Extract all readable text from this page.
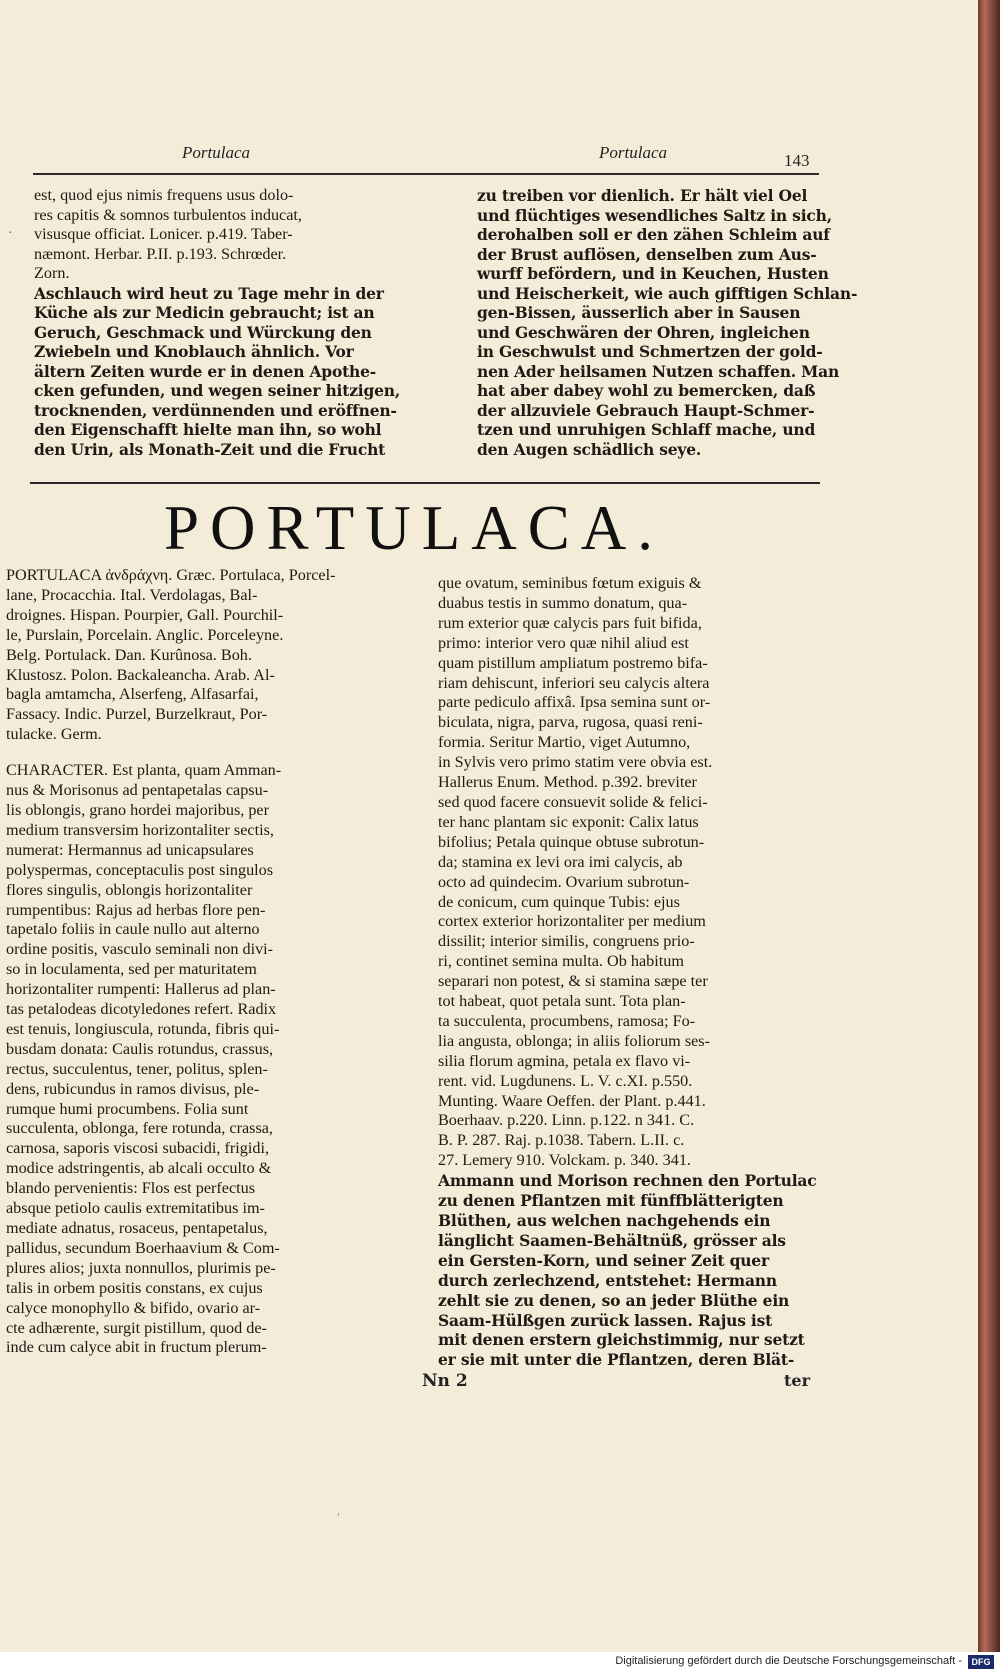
Portulaca	Portulaca	143

est, quod ejus nimis frequens usus dolo-

res capitis & somnos turbulentos inducat,

visusque officiat. Lonicer. p.419. Taber-

næmont. Herbar. P.II. p.193. Schrœder.

Zorn.

Aschlauch wird heut zu Tage mehr in der

Küche als zur Medicin gebraucht; ist an

Geruch, Geschmack und Würckung den

Zwiebeln und Knoblauch ähnlich. Vor

ältern Zeiten wurde er in denen Apothe-

cken gefunden, und wegen seiner hitzigen,

trocknenden, verdünnenden und eröffnen-

den Eigenschafft hielte man ihn, so wohl

den Urin, als Monath-Zeit und die Frucht

zu treiben vor dienlich. Er hält viel Oel

und flüchtiges wesendliches Saltz in sich,

derohalben soll er den zähen Schleim auf

der Brust auflösen, denselben zum Aus-

wurff befördern, und in Keuchen, Husten

und Heischerkeit, wie auch gifftigen Schlan-

gen-Bissen, äusserlich aber in Sausen

und Geschwären der Ohren, ingleichen

in Geschwulst und Schmertzen der gold-

nen Ader heilsamen Nutzen schaffen. Man

hat aber dabey wohl zu bemercken, daß

der allzuviele Gebrauch Haupt-Schmer-

tzen und unruhigen Schlaff mache, und

den Augen schädlich seye.

PORTULACA.

PORTULACA ἀνδράχνη. Græc. Portulaca, Porcel-

lane, Procacchia. Ital. Verdolagas, Bal-

droignes. Hispan. Pourpier, Gall. Pourchil-

le, Purslain, Porcelain. Anglic. Porceleyne.

Belg. Portulack. Dan. Kurûnosa. Boh.

Klustosz. Polon. Backaleancha. Arab. Al-

bagla amtamcha, Alserfeng, Alfasarfai,

Fassacy. Indic. Purzel, Burzelkraut, Por-

tulacke. Germ.

CHARACTER. Est planta, quam Amman-

nus & Morisonus ad pentapetalas capsu-

lis oblongis, grano hordei majoribus, per

medium transversim horizontaliter sectis,

numerat: Hermannus ad unicapsulares

polyspermas, conceptaculis post singulos

flores singulis, oblongis horizontaliter

rumpentibus: Rajus ad herbas flore pen-

tapetalo foliis in caule nullo aut alterno

ordine positis, vasculo seminali non divi-

so in loculamenta, sed per maturitatem

horizontaliter rumpenti: Hallerus ad plan-

tas petalodeas dicotyledones refert. Radix

est tenuis, longiuscula, rotunda, fibris qui-

busdam donata: Caulis rotundus, crassus,

rectus, succulentus, tener, politus, splen-

dens, rubicundus in ramos divisus, ple-

rumque humi procumbens. Folia sunt

succulenta, oblonga, fere rotunda, crassa,

carnosa, saporis viscosi subacidi, frigidi,

modice adstringentis, ab alcali occulto &

blando pervenientis: Flos est perfectus

absque petiolo caulis extremitatibus im-

mediate adnatus, rosaceus, pentapetalus,

pallidus, secundum Boerhaavium & Com-

plures alios; juxta nonnullos, plurimis pe-

talis in orbem positis constans, ex cujus

calyce monophyllo & bifido, ovario ar-

cte adhærente, surgit pistillum, quod de-

inde cum calyce abit in fructum plerum-

que ovatum, seminibus fœtum exiguis &

duabus testis in summo donatum, qua-

rum exterior quæ calycis pars fuit bifida,

primo: interior vero quæ nihil aliud est

quam pistillum ampliatum postremo bifa-

riam dehiscunt, inferiori seu calycis altera

parte pediculo affixâ. Ipsa semina sunt or-

biculata, nigra, parva, rugosa, quasi reni-

formia. Seritur Martio, viget Autumno,

in Sylvis vero primo statim vere obvia est.

Hallerus Enum. Method. p.392. breviter

sed quod facere consuevit solide & felici-

ter hanc plantam sic exponit: Calix latus

bifolius; Petala quinque obtuse subrotun-

da; stamina ex levi ora imi calycis, ab

octo ad quindecim. Ovarium subrotun-

de conicum, cum quinque Tubis: ejus

cortex exterior horizontaliter per medium

dissilit; interior similis, congruens prio-

ri, continet semina multa. Ob habitum

separari non potest, & si stamina sæpe ter

tot habeat, quot petala sunt. Tota plan-

ta succulenta, procumbens, ramosa; Fo-

lia angusta, oblonga; in aliis foliorum ses-

silia florum agmina, petala ex flavo vi-

rent. vid. Lugdunens. L. V. c.XI. p.550.

Munting. Waare Oeffen. der Plant. p.441.

Boerhaav. p.220. Linn. p.122. n 341. C.

B. P. 287. Raj. p.1038. Tabern. L.II. c.

27. Lemery 910. Volckam. p. 340. 341.

Ammann und Morison rechnen den Portulac

zu denen Pflantzen mit fünffblätterigten

Blüthen, aus welchen nachgehends ein

länglicht Saamen-Behältnüß, grösser als

ein Gersten-Korn, und seiner Zeit quer

durch zerlechzend, entstehet: Hermann

zehlt sie zu denen, so an jeder Blüthe ein

Saam-Hülßgen zurück lassen. Rajus ist

mit denen erstern gleichstimmig, nur setzt

er sie mit unter die Pflantzen, deren Blät-

Nn 2	ter
·
ˈ
Digitalisierung gefördert durch die Deutsche Forschungsgemeinschaft -	DFG
